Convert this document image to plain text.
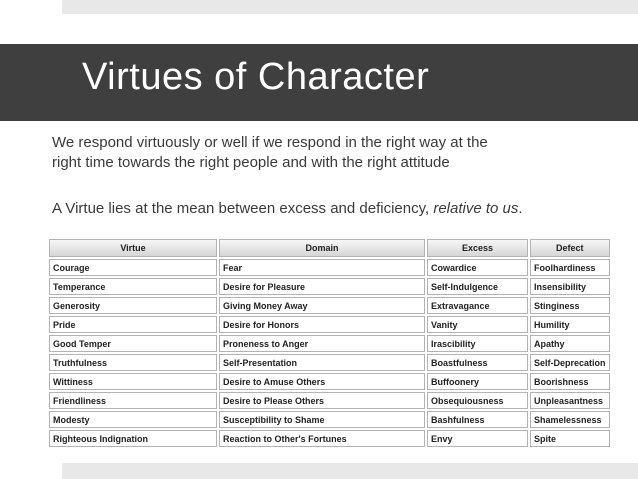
Virtues of Character
We respond virtuously or well if we respond in the right way at the
right time towards the right people and with the right attitude
A Virtue lies at the mean between excess and deficiency, relative to us.
Virtue	Domain	Excess	Defect
Courage	Fear	Cowardice	Foolhardiness
Temperance	Desire for Pleasure	Self-Indulgence	Insensibility
Generosity	Giving Money Away	Extravagance	Stinginess
Pride	Desire for Honors	Vanity	Humility
Good Temper	Proneness to Anger	Irascibility	Apathy
Truthfulness	Self-Presentation	Boastfulness	Self-Deprecation
Wittiness	Desire to Amuse Others	Buffoonery	Boorishness
Friendliness	Desire to Please Others	Obsequiousness	Unpleasantness
Modesty	Susceptibility to Shame	Bashfulness	Shamelessness
Righteous Indignation	Reaction to Other's Fortunes	Envy	Spite
